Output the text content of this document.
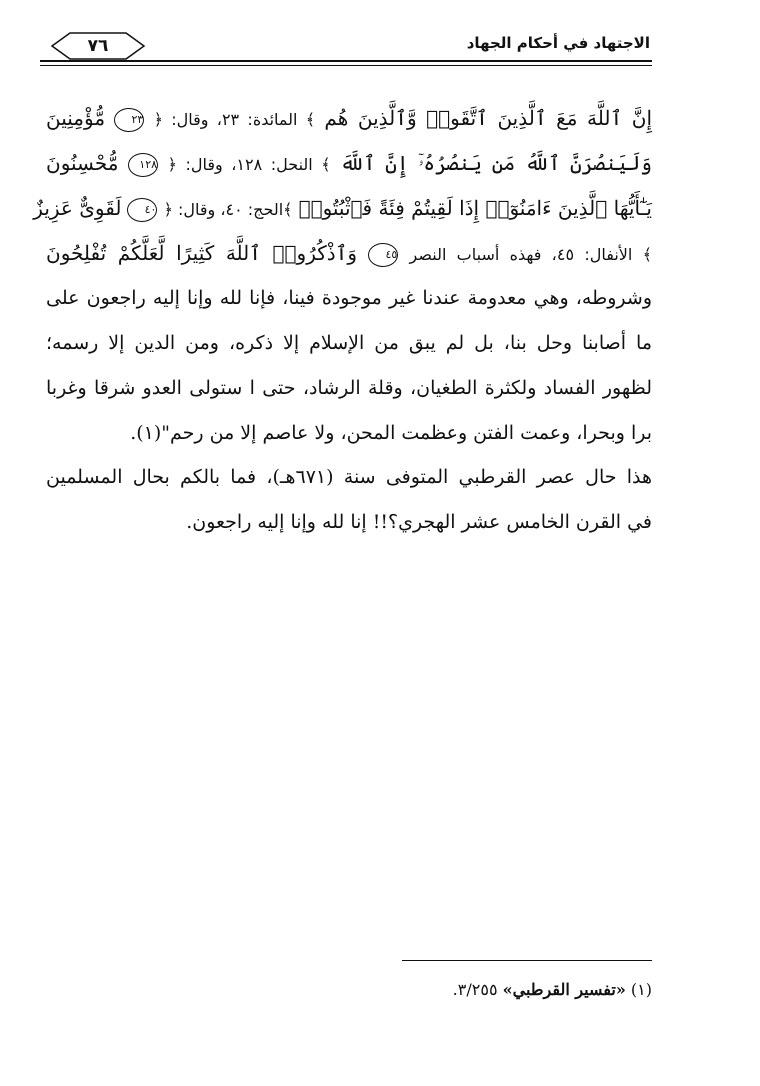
الاجتهاد في أحكام الجهاد
٧٦
إِنَّ ٱللَّهَ مَعَ ٱلَّذِينَ ٱتَّقَوا۟ وَّٱلَّذِينَ هُم ﴾ المائدة: ٢٣، وقال: ﴿ ٢٣ مُّؤْمِنِينَ
وَلَيَنصُرَنَّ ٱللَّهُ مَن يَنصُرُهُۥٓ إِنَّ ٱللَّهَ ﴾ النحل: ١٢٨، وقال: ﴿ ١٢٨ مُّحْسِنُونَ
يَـٰٓأَيُّهَا ٱلَّذِينَ ءَامَنُوٓا۟ إِذَا لَقِيتُمْ فِئَةً فَٱثْبُتُوا۟ ﴾الحج: ٤٠، وقال: ﴿ ٤٠ لَقَوِىٌّ عَزِيزٌ
﴾ الأنفال: ٤٥، فهذه أسباب النصر ٤٥ وَٱذْكُرُوا۟ ٱللَّهَ كَثِيرًا لَّعَلَّكُمْ تُفْلِحُونَ
وشروطه، وهي معدومة عندنا غير موجودة فينا، فإنا لله وإنا إليه راجعون على
ما أصابنا وحل بنا، بل لم يبق من الإسلام إلا ذكره، ومن الدين إلا رسمه؛
لظهور الفساد ولكثرة الطغيان، وقلة الرشاد، حتى ا ستولى العدو شرقا وغربا
برا وبحرا، وعمت الفتن وعظمت المحن، ولا عاصم إلا من رحم"(١).
هذا حال عصر القرطبي المتوفى سنة (٦٧١هـ)، فما بالكم بحال المسلمين
في القرن الخامس عشر الهجري؟!! إنا لله وإنا إليه راجعون.
(١) «تفسير القرطبي» ٣/٢٥٥.
